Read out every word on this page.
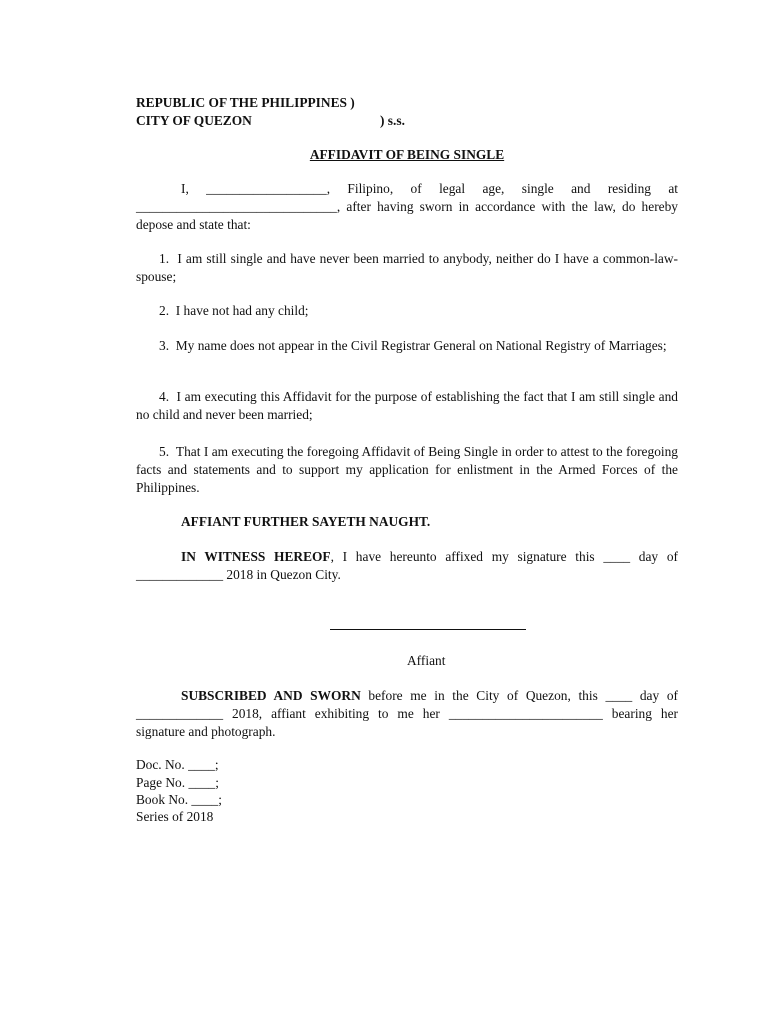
REPUBLIC OF THE PHILIPPINES )
CITY OF QUEZON	) s.s.
AFFIDAVIT OF BEING SINGLE
I, __________________, Filipino, of legal age, single and residing at ______________________________, after having sworn in accordance with the law, do hereby depose and state that:
1. I am still single and have never been married to anybody, neither do I have a common-law-spouse;
2. I have not had any child;
3. My name does not appear in the Civil Registrar General on National Registry of Marriages;
4. I am executing this Affidavit for the purpose of establishing the fact that I am still single and no child and never been married;
5. That I am executing the foregoing Affidavit of Being Single in order to attest to the foregoing facts and statements and to support my application for enlistment in the Armed Forces of the Philippines.
AFFIANT FURTHER SAYETH NAUGHT.
IN WITNESS HEREOF, I have hereunto affixed my signature this ____ day of _____________ 2018 in Quezon City.
Affiant
SUBSCRIBED AND SWORN before me in the City of Quezon, this ____ day of _____________ 2018, affiant exhibiting to me her _______________________ bearing her signature and photograph.
Doc. No. ____;
Page No. ____;
Book No. ____;
Series of 2018
